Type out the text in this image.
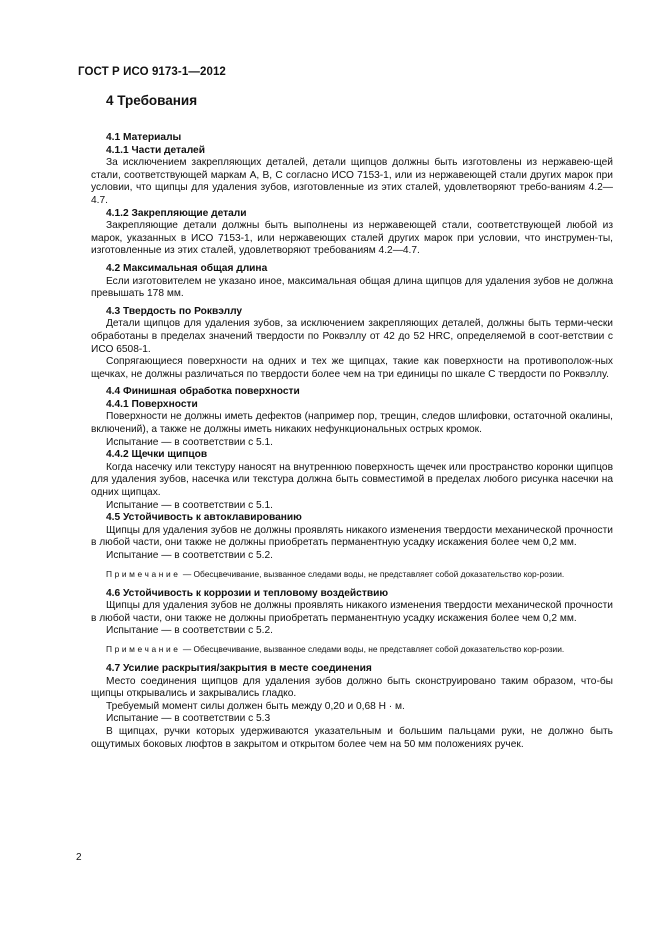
ГОСТ Р ИСО 9173-1—2012
4 Требования
4.1 Материалы
4.1.1 Части деталей

За исключением закрепляющих деталей, детали щипцов должны быть изготовлены из нержавею-щей стали, соответствующей маркам A, B, C согласно ИСО 7153-1, или из нержавеющей стали других марок при условии, что щипцы для удаления зубов, изготовленные из этих сталей, удовлетворяют требо-ваниям 4.2—4.7.

4.1.2 Закрепляющие детали

Закрепляющие детали должны быть выполнены из нержавеющей стали, соответствующей любой из марок, указанных в ИСО 7153-1, или нержавеющих сталей других марок при условии, что инструмен-ты, изготовленные из этих сталей, удовлетворяют требованиям 4.2—4.7.

4.2 Максимальная общая длина

Если изготовителем не указано иное, максимальная общая длина щипцов для удаления зубов не должна превышать 178 мм.

4.3 Твердость по Роквэллу

Детали щипцов для удаления зубов, за исключением закрепляющих деталей, должны быть терми-чески обработаны в пределах значений твердости по Роквэллу от 42 до 52 HRC, определяемой в соот-ветствии с ИСО 6508-1.

Сопрягающиеся поверхности на одних и тех же щипцах, такие как поверхности на противополож-ных щечках, не должны различаться по твердости более чем на три единицы по шкале C твердости по Роквэллу.

4.4 Финишная обработка поверхности
4.4.1 Поверхности

Поверхности не должны иметь дефектов (например пор, трещин, следов шлифовки, остаточной окалины, включений), а также не должны иметь никаких нефункциональных острых кромок.

Испытание — в соответствии с 5.1.

4.4.2 Щечки щипцов

Когда насечку или текстуру наносят на внутреннюю поверхность щечек или пространство коронки щипцов для удаления зубов, насечка или текстура должна быть совместимой в пределах любого рисунка насечки на одних щипцах.

Испытание — в соответствии с 5.1.

4.5 Устойчивость к автоклавированию

Щипцы для удаления зубов не должны проявлять никакого изменения твердости механической прочности в любой части, они также не должны приобретать перманентную усадку искажения более чем 0,2 мм.

Испытание — в соответствии с 5.2.

Примечание — Обесцвечивание, вызванное следами воды, не представляет собой доказательство кор-розии.
4.6 Устойчивость к коррозии и тепловому воздействию

Щипцы для удаления зубов не должны проявлять никакого изменения твердости механической прочности в любой части, они также не должны приобретать перманентную усадку искажения более чем 0,2 мм.

Испытание — в соответствии с 5.2.

Примечание — Обесцвечивание, вызванное следами воды, не представляет собой доказательство кор-розии.
4.7 Усилие раскрытия/закрытия в месте соединения

Место соединения щипцов для удаления зубов должно быть сконструировано таким образом, что-бы щипцы открывались и закрывались гладко.

Требуемый момент силы должен быть между 0,20 и 0,68 Н · м.

Испытание — в соответствии с 5.3

В щипцах, ручки которых удерживаются указательным и большим пальцами руки, не должно быть ощутимых боковых люфтов в закрытом и открытом более чем на 50 мм положениях ручек.

2
